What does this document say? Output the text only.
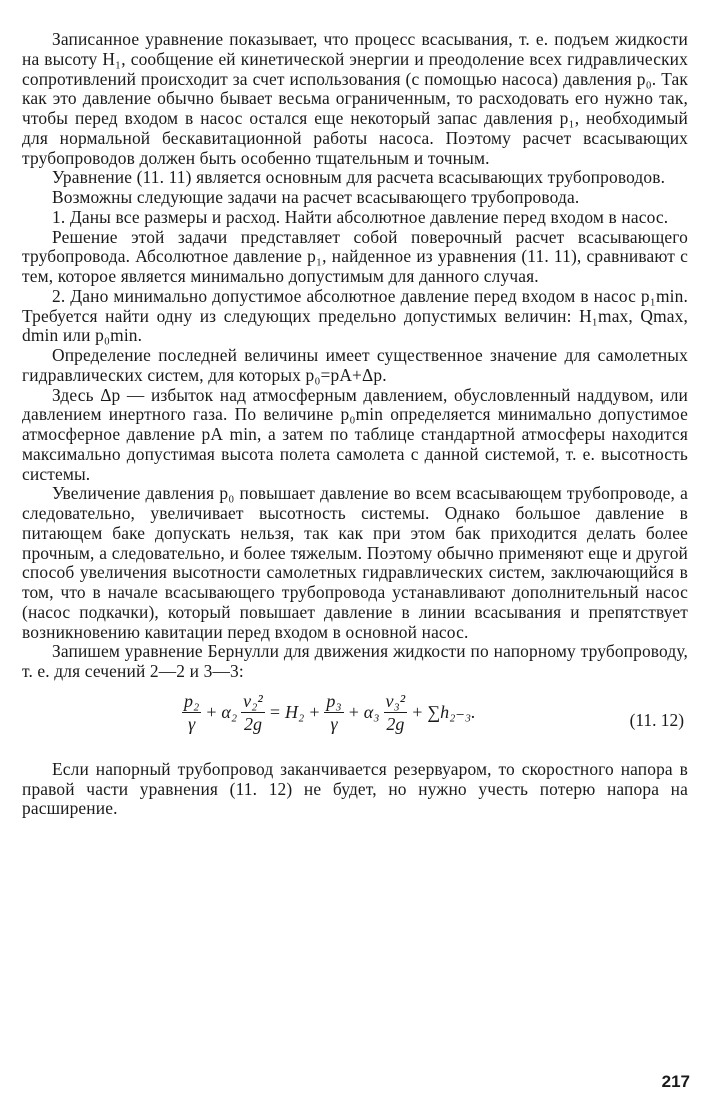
Записанное уравнение показывает, что процесс всасывания, т. е. подъем жидкости на высоту H₁, сообщение ей кинетической энергии и преодоление всех гидравлических сопротивлений происходит за счет использования (с помощью насоса) давления p₀. Так как это давление обычно бывает весьма ограниченным, то расходовать его нужно так, чтобы перед входом в насос остался еще некоторый запас давления p₁, необходимый для нормальной бескавитационной работы насоса. Поэтому расчет всасывающих трубопроводов должен быть особенно тщательным и точным.

Уравнение (11. 11) является основным для расчета всасывающих трубопроводов.

Возможны следующие задачи на расчет всасывающего трубопровода.

1. Даны все размеры и расход. Найти абсолютное давление перед входом в насос.

Решение этой задачи представляет собой поверочный расчет всасывающего трубопровода. Абсолютное давление p₁, найденное из уравнения (11. 11), сравнивают с тем, которое является минимально допустимым для данного случая.

2. Дано минимально допустимое абсолютное давление перед входом в насос p₁min. Требуется найти одну из следующих предельно допустимых величин: H₁max, Qmax, dmin или p₀min.

Определение последней величины имеет существенное значение для самолетных гидравлических систем, для которых p₀=pА+Δp.

Здесь Δp — избыток над атмосферным давлением, обусловленный наддувом, или давлением инертного газа. По величине p₀min определяется минимально допустимое атмосферное давление pА min, а затем по таблице стандартной атмосферы находится максимально допустимая высота полета самолета с данной системой, т. е. высотность системы.

Увеличение давления p₀ повышает давление во всем всасывающем трубопроводе, а следовательно, увеличивает высотность системы. Однако большое давление в питающем баке допускать нельзя, так как при этом бак приходится делать более прочным, а следовательно, и более тяжелым. Поэтому обычно применяют еще и другой способ увеличения высотности самолетных гидравлических систем, заключающийся в том, что в начале всасывающего трубопровода устанавливают дополнительный насос (насос подкачки), который повышает давление в линии всасывания и препятствует возникновению кавитации перед входом в основной насос.

Запишем уравнение Бернулли для движения жидкости по напорному трубопроводу, т. е. для сечений 2—2 и 3—3:

$\frac{\text{p₂}}{\gamma} + \alpha_2 \frac{\text{v₂²}}{2g} = H_2 + \frac{\text{p₃}}{\gamma} + \alpha_3 \frac{\text{v₃²}}{2g} + \sum h_{2-3}$.	(11. 12)

Если напорный трубопровод заканчивается резервуаром, то скоростного напора в правой части уравнения (11. 12) не будет, но нужно учесть потерю напора на расширение.

217
